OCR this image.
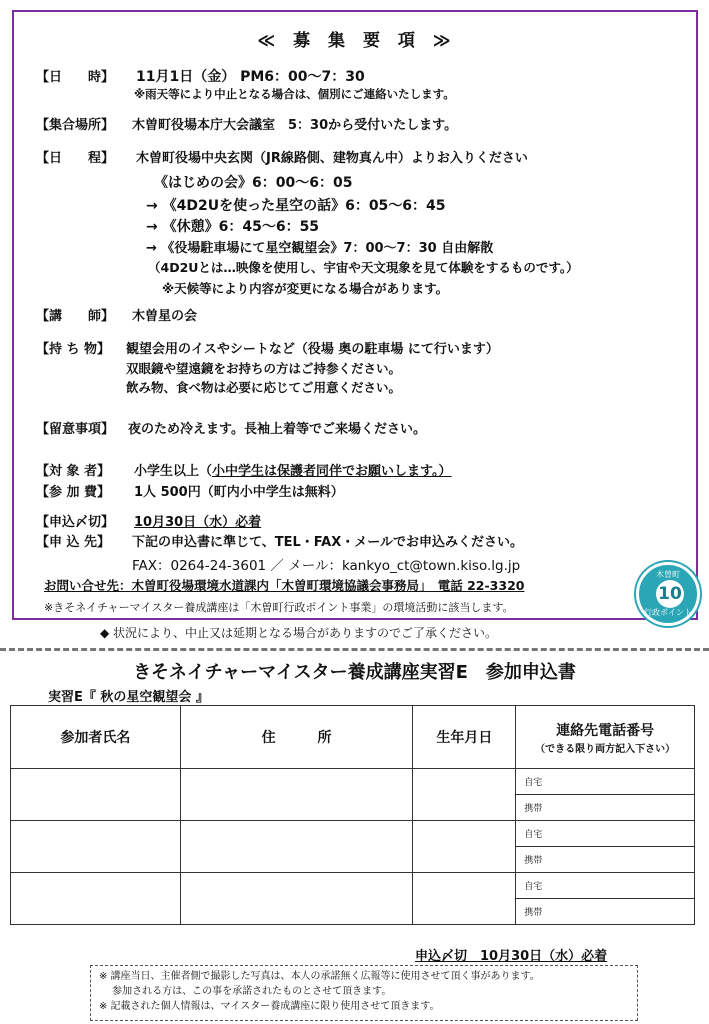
≪ 募 集 要 項 ≫
【日　　時】 11月1日（金） PM6：00～7：30
※雨天等により中止となる場合は、個別にご連絡いたします。
【集合場所】 木曽町役場本庁大会議室　5：30から受付いたします。
【日　　程】 木曽町役場中央玄関（JR線路側、建物真ん中）よりお入りください
《はじめの会》6：00～6：05
→ 《4D2Uを使った星空の話》6：05～6：45
→ 《休憩》6：45～6：55
→ 《役場駐車場にて星空観望会》7：00～7：30 自由解散
（4D2Uとは…映像を使用し、宇宙や天文現象を見て体験をするものです。）
※天候等により内容が変更になる場合があります。
【講　　師】 木曽星の会
【持 ち 物】 観望会用のイスやシートなど（役場 奥の駐車場 にて行います）
双眼鏡や望遠鏡をお持ちの方はご持参ください。
飲み物、食べ物は必要に応じてご用意ください。
【留意事項】 夜のため冷えます。長袖上着等でご来場ください。
【対 象 者】 小学生以上（小中学生は保護者同伴でお願いします。）
【参 加 費】 1人 500円（町内小中学生は無料）
【申込〆切】 10月30日（水）必着
【申 込 先】 下記の申込書に準じて、TEL・FAX・メールでお申込みください。
FAX：0264-24-3601 ／ メール：kankyo_ct@town.kiso.lg.jp
お問い合せ先：木曽町役場環境水道課内「木曽町環境協議会事務局」　電話 22-3320
※きそネイチャーマイスター養成講座は「木曽町行政ポイント事業」の環境活動に該当します。
木曽町
10
行政ポイント
◆ 状況により、中止又は延期となる場合がありますのでご了承ください。
きそネイチャーマイスター養成講座実習E　参加申込書
実習E『 秋の星空観望会 』
参加者氏名	住　　　所	生年月日	連絡先電話番号
（できる限り両方記入下さい）

			自宅
			携帯
			自宅
			携帯
			自宅
			携帯
申込〆切　10月30日（水）必着
※ 講座当日、主催者側で撮影した写真は、本人の承諾無く広報等に使用させて頂く事があります。
　 参加される方は、この事を承諾されたものとさせて頂きます。
※ 記載された個人情報は、マイスター養成講座に限り使用させて頂きます。
